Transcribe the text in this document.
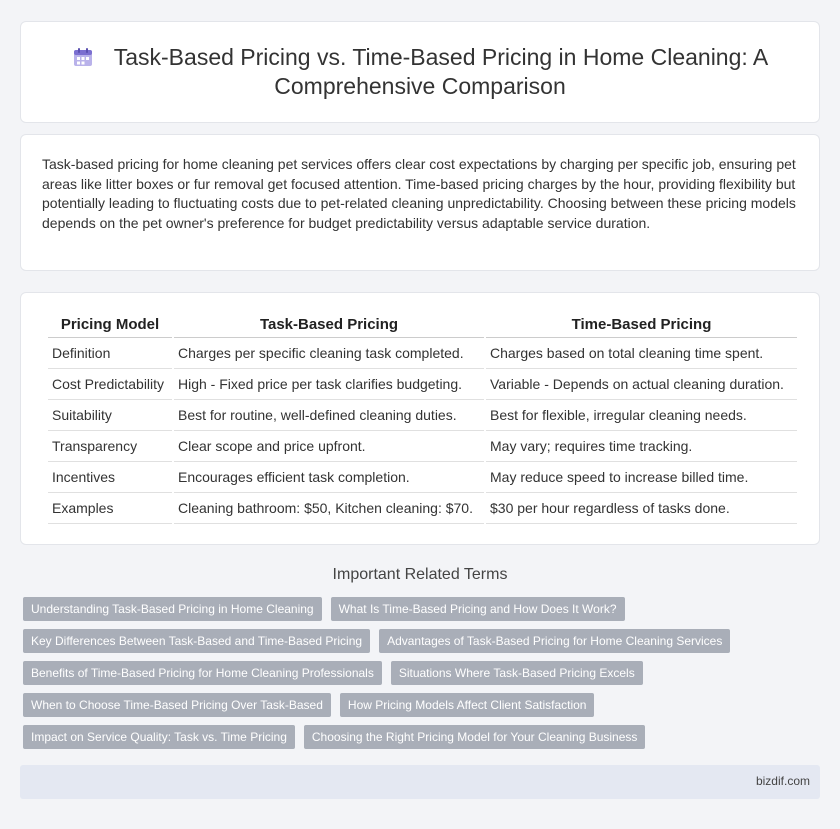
Task-Based Pricing vs. Time-Based Pricing in Home Cleaning: A Comprehensive Comparison

Task-based pricing for home cleaning pet services offers clear cost expectations by charging per specific job, ensuring pet areas like litter boxes or fur removal get focused attention. Time-based pricing charges by the hour, providing flexibility but potentially leading to fluctuating costs due to pet-related cleaning unpredictability. Choosing between these pricing models depends on the pet owner's preference for budget predictability versus adaptable service duration.

Pricing Model	Task-Based Pricing	Time-Based Pricing
Definition	Charges per specific cleaning task completed.	Charges based on total cleaning time spent.
Cost Predictability	High - Fixed price per task clarifies budgeting.	Variable - Depends on actual cleaning duration.
Suitability	Best for routine, well-defined cleaning duties.	Best for flexible, irregular cleaning needs.
Transparency	Clear scope and price upfront.	May vary; requires time tracking.
Incentives	Encourages efficient task completion.	May reduce speed to increase billed time.
Examples	Cleaning bathroom: $50, Kitchen cleaning: $70.	$30 per hour regardless of tasks done.
Important Related Terms
Understanding Task-Based Pricing in Home Cleaning	What Is Time-Based Pricing and How Does It Work?
Key Differences Between Task-Based and Time-Based Pricing	Advantages of Task-Based Pricing for Home Cleaning Services
Benefits of Time-Based Pricing for Home Cleaning Professionals	Situations Where Task-Based Pricing Excels
When to Choose Time-Based Pricing Over Task-Based	How Pricing Models Affect Client Satisfaction
Impact on Service Quality: Task vs. Time Pricing	Choosing the Right Pricing Model for Your Cleaning Business
bizdif.com
